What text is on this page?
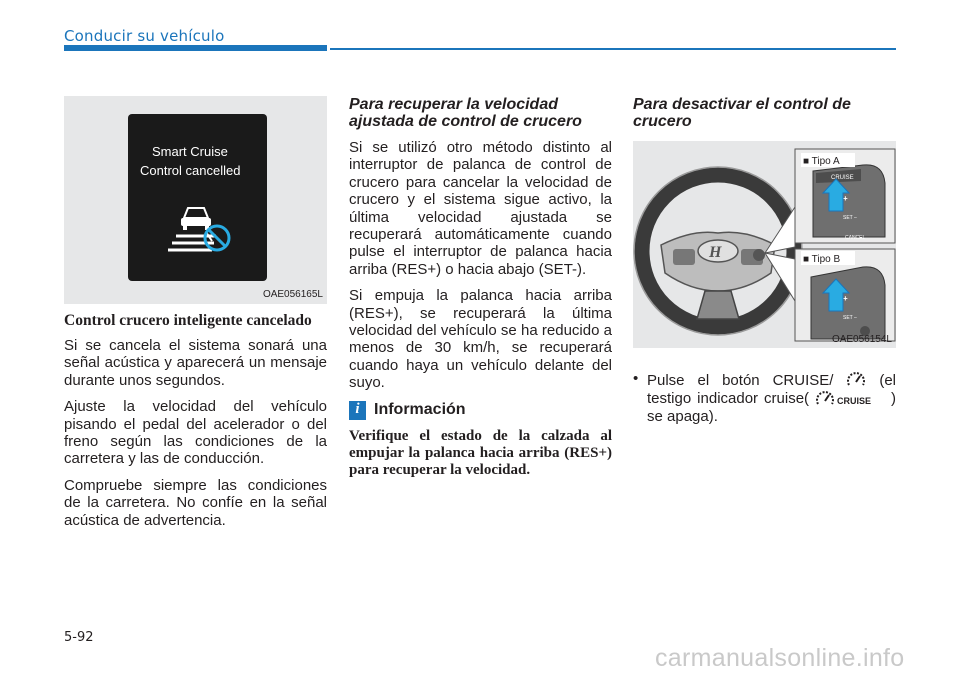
Conducir su vehículo
Smart Cruise
Control cancelled
OAE056165L
Control crucero inteligente cancelado

Si se cancela el sistema sonará una señal acústica y aparecerá un mensaje durante unos segundos.

Ajuste la velocidad del vehículo pisando el pedal del acelerador o del freno según las condiciones de la carretera y las de conducción.

Compruebe siempre las condiciones de la carretera. No confíe en la señal acústica de advertencia.

Para recuperar la velocidad ajustada de control de crucero

Si se utilizó otro método distinto al interruptor de palanca de control de crucero para cancelar la velocidad de crucero y el sistema sigue activo, la última velocidad ajustada se recuperará automáticamente cuando pulse el interruptor de palanca hacia arriba (RES+) o hacia abajo (SET-).

Si empuja la palanca hacia arriba (RES+), se recuperará la última velocidad del vehículo se ha reducido a menos de 30 km/h, se recuperará cuando haya un vehículo delante del suyo.

i Información

Verifique el estado de la calzada al empujar la palanca hacia arriba (RES+) para recuperar la velocidad.

Para desactivar el control de crucero
H
CRUISE
+
SET –
CANCEL
■ Tipo A
+
SET –
■ Tipo B
OAE056154L
• Pulse el botón CRUISE/	(el testigo indicador cruise(	CRUISE ) se apaga).
5-92
carmanualsonline.info
